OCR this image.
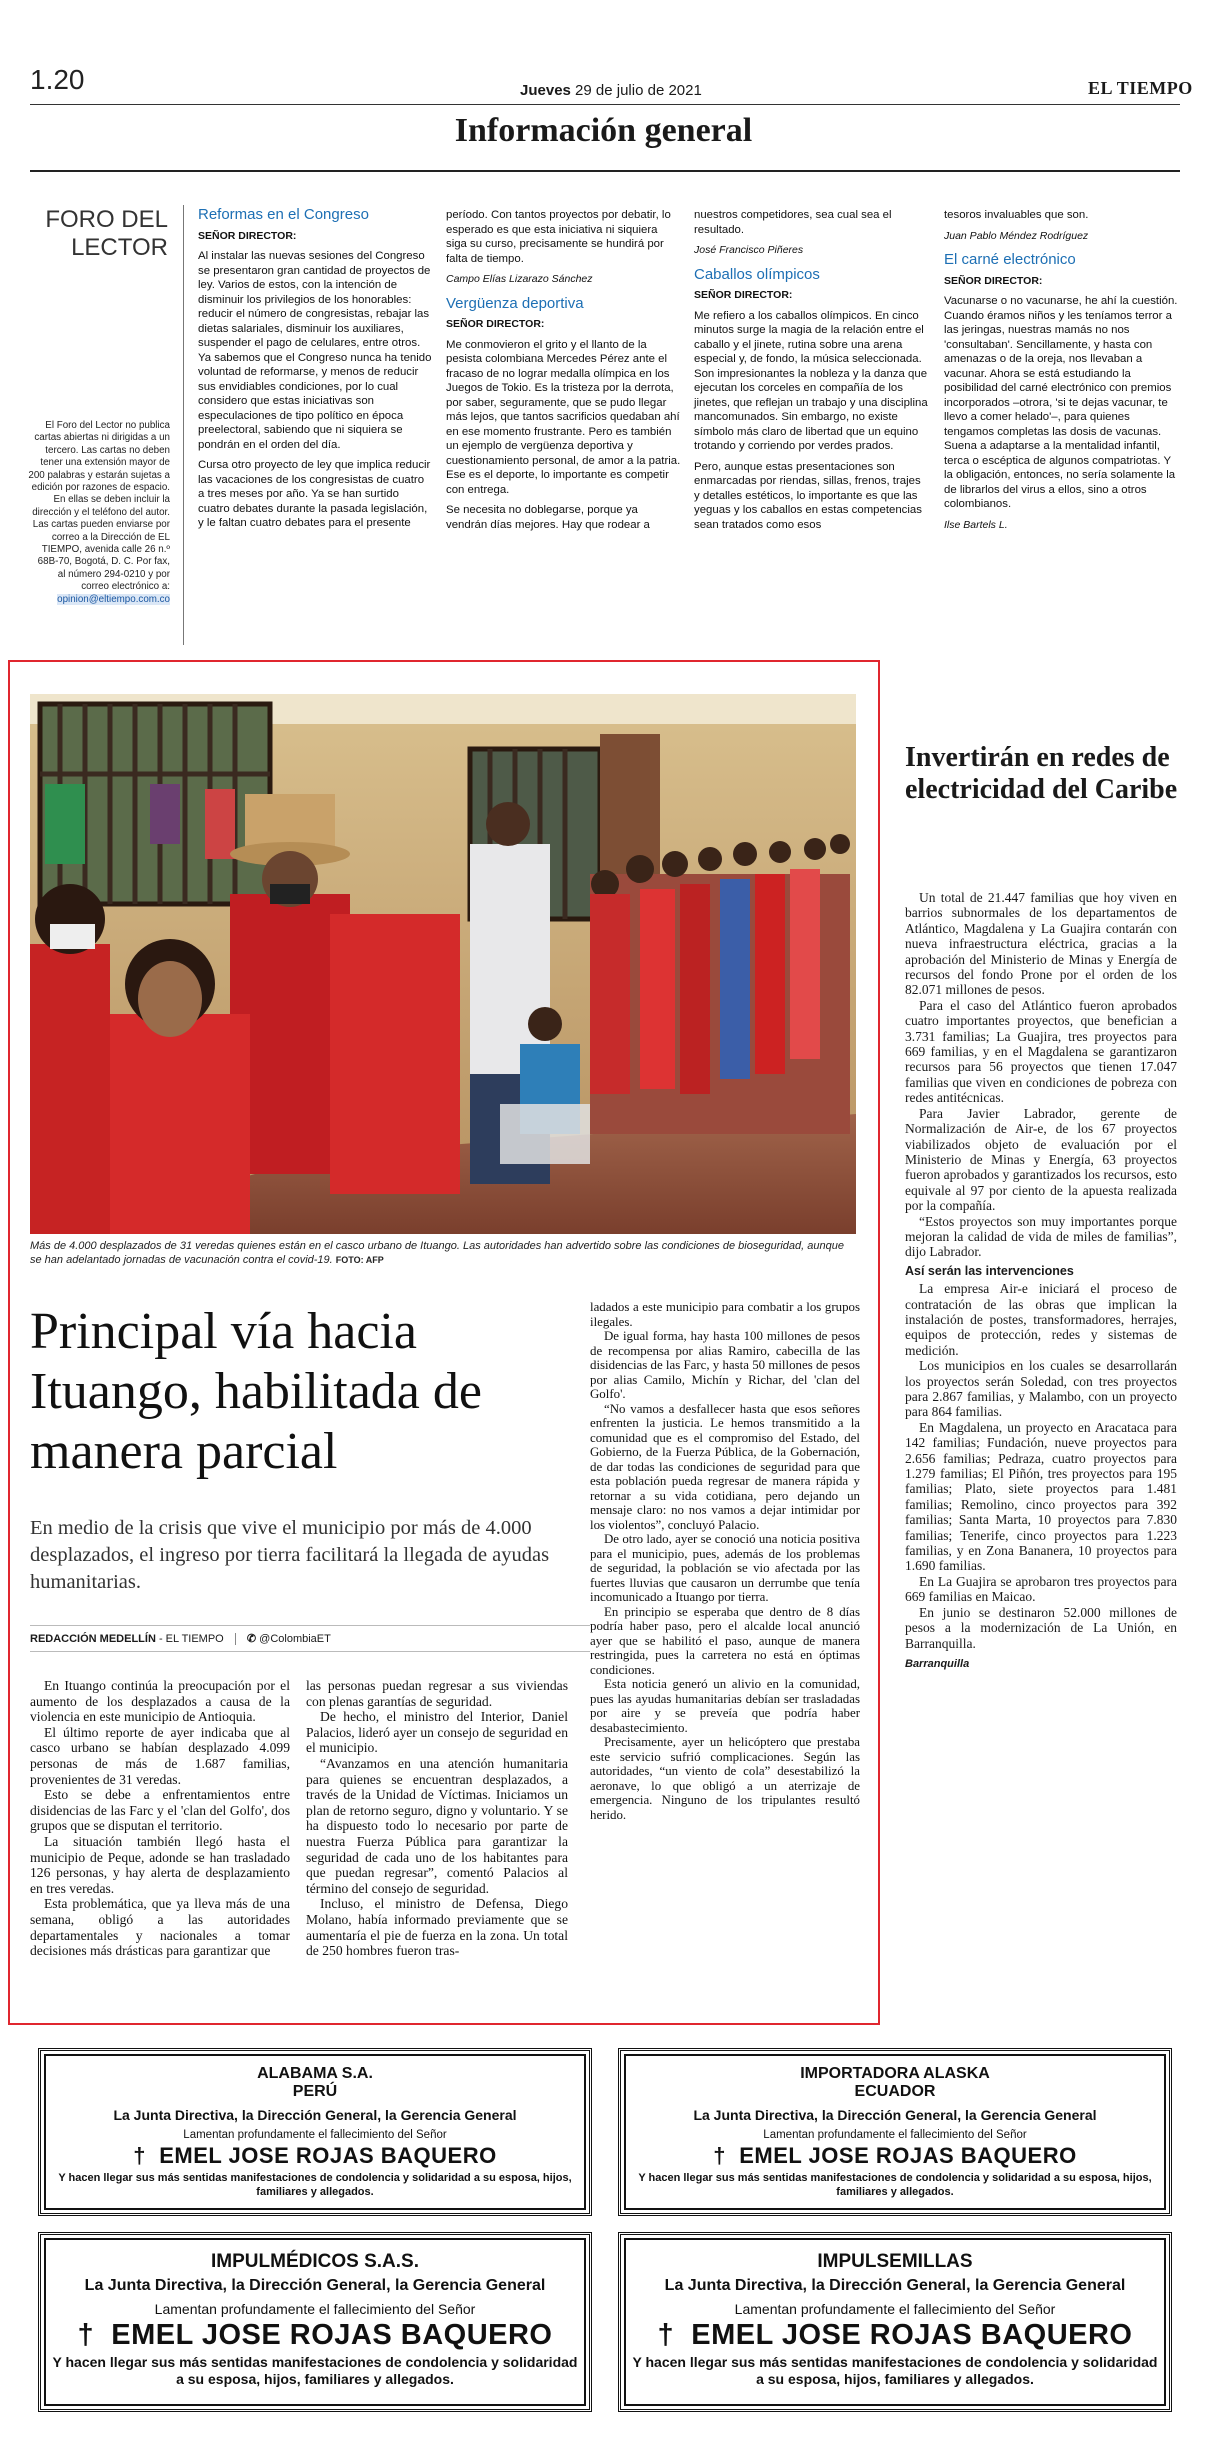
1.20	Jueves 29 de julio de 2021	EL TIEMPO
Información general
FORO DEL LECTOR
El Foro del Lector no publica cartas abiertas ni dirigidas a un tercero. Las cartas no deben tener una extensión mayor de 200 palabras y estarán sujetas a edición por razones de espacio. En ellas se deben incluir la dirección y el teléfono del autor. Las cartas pueden enviarse por correo a la Dirección de EL TIEMPO, avenida calle 26 n.º 68B-70, Bogotá, D. C. Por fax, al número 294-0210 y por correo electrónico a: opinion@eltiempo.com.co
Reformas en el Congreso
SEÑOR DIRECTOR:

Al instalar las nuevas sesiones del Congreso se presentaron gran cantidad de proyectos de ley. Varios de estos, con la intención de disminuir los privilegios de los honorables: reducir el número de congresistas, rebajar las dietas salariales, disminuir los auxiliares, suspender el pago de celulares, entre otros. Ya sabemos que el Congreso nunca ha tenido voluntad de reformarse, y menos de reducir sus envidiables condiciones, por lo cual considero que estas iniciativas son especulaciones de tipo político en época preelectoral, sabiendo que ni siquiera se pondrán en el orden del día.

Cursa otro proyecto de ley que implica reducir las vacaciones de los congresistas de cuatro a tres meses por año. Ya se han surtido cuatro debates durante la pasada legislación, y le faltan cuatro debates para el presente

período. Con tantos proyectos por debatir, lo esperado es que esta iniciativa ni siquiera siga su curso, precisamente se hundirá por falta de tiempo.

Campo Elías Lizarazo Sánchez
Vergüenza deportiva
SEÑOR DIRECTOR:

Me conmovieron el grito y el llanto de la pesista colombiana Mercedes Pérez ante el fracaso de no lograr medalla olímpica en los Juegos de Tokio. Es la tristeza por la derrota, por saber, seguramente, que se pudo llegar más lejos, que tantos sacrificios quedaban ahí en ese momento frustrante. Pero es también un ejemplo de vergüenza deportiva y cuestionamiento personal, de amor a la patria. Ese es el deporte, lo importante es competir con entrega.

Se necesita no doblegarse, porque ya vendrán días mejores. Hay que rodear a

nuestros competidores, sea cual sea el resultado.

José Francisco Piñeres
Caballos olímpicos
SEÑOR DIRECTOR:

Me refiero a los caballos olímpicos. En cinco minutos surge la magia de la relación entre el caballo y el jinete, rutina sobre una arena especial y, de fondo, la música seleccionada. Son impresionantes la nobleza y la danza que ejecutan los corceles en compañía de los jinetes, que reflejan un trabajo y una disciplina mancomunados. Sin embargo, no existe símbolo más claro de libertad que un equino trotando y corriendo por verdes prados.

Pero, aunque estas presentaciones son enmarcadas por riendas, sillas, frenos, trajes y detalles estéticos, lo importante es que las yeguas y los caballos en estas competencias sean tratados como esos

tesoros invaluables que son.

Juan Pablo Méndez Rodríguez
El carné electrónico
SEÑOR DIRECTOR:

Vacunarse o no vacunarse, he ahí la cuestión. Cuando éramos niños y les teníamos terror a las jeringas, nuestras mamás no nos 'consultaban'. Sencillamente, y hasta con amenazas o de la oreja, nos llevaban a vacunar. Ahora se está estudiando la posibilidad del carné electrónico con premios incorporados –otrora, 'si te dejas vacunar, te llevo a comer helado'–, para quienes tengamos completas las dosis de vacunas. Suena a adaptarse a la mentalidad infantil, terca o escéptica de algunos compatriotas. Y la obligación, entonces, no sería solamente la de librarlos del virus a ellos, sino a otros colombianos.

Ilse Bartels L.
Más de 4.000 desplazados de 31 veredas quienes están en el casco urbano de Ituango. Las autoridades han advertido sobre las condiciones de bioseguridad, aunque se han adelantado jornadas de vacunación contra el covid-19. FOTO: AFP
Principal vía hacia Ituango, habilitada de manera parcial
En medio de la crisis que vive el municipio por más de 4.000 desplazados, el ingreso por tierra facilitará la llegada de ayudas humanitarias.
REDACCIÓN MEDELLÍN - EL TIEMPO ✆ @ColombiaET

En Ituango continúa la preocupación por el aumento de los desplazados a causa de la violencia en este municipio de Antioquia.

El último reporte de ayer indicaba que al casco urbano se habían desplazado 4.099 personas de más de 1.687 familias, provenientes de 31 veredas.

Esto se debe a enfrentamientos entre disidencias de las Farc y el 'clan del Golfo', dos grupos que se disputan el territorio.

La situación también llegó hasta el municipio de Peque, adonde se han trasladado 126 personas, y hay alerta de desplazamiento en tres veredas.

Esta problemática, que ya lleva más de una semana, obligó a las autoridades departamentales y nacionales a tomar decisiones más drásticas para garantizar que

las personas puedan regresar a sus viviendas con plenas garantías de seguridad.

De hecho, el ministro del Interior, Daniel Palacios, lideró ayer un consejo de seguridad en el municipio.

“Avanzamos en una atención humanitaria para quienes se encuentran desplazados, a través de la Unidad de Víctimas. Iniciamos un plan de retorno seguro, digno y voluntario. Y se ha dispuesto todo lo necesario por parte de nuestra Fuerza Pública para garantizar la seguridad de cada uno de los habitantes para que puedan regresar”, comentó Palacios al término del consejo de seguridad.

Incluso, el ministro de Defensa, Diego Molano, había informado previamente que se aumentaría el pie de fuerza en la zona. Un total de 250 hombres fueron tras-

ladados a este municipio para combatir a los grupos ilegales.

De igual forma, hay hasta 100 millones de pesos de recompensa por alias Ramiro, cabecilla de las disidencias de las Farc, y hasta 50 millones de pesos por alias Camilo, Michín y Richar, del 'clan del Golfo'.

“No vamos a desfallecer hasta que esos señores enfrenten la justicia. Le hemos transmitido a la comunidad que es el compromiso del Estado, del Gobierno, de la Fuerza Pública, de la Gobernación, de dar todas las condiciones de seguridad para que esta población pueda regresar de manera rápida y retornar a su vida cotidiana, pero dejando un mensaje claro: no nos vamos a dejar intimidar por los violentos”, concluyó Palacio.

De otro lado, ayer se conoció una noticia positiva para el municipio, pues, además de los problemas de seguridad, la población se vio afectada por las fuertes lluvias que causaron un derrumbe que tenía incomunicado a Ituango por tierra.

En principio se esperaba que dentro de 8 días podría haber paso, pero el alcalde local anunció ayer que se habilitó el paso, aunque de manera restringida, pues la carretera no está en óptimas condiciones.

Esta noticia generó un alivio en la comunidad, pues las ayudas humanitarias debían ser trasladadas por aire y se preveía que podría haber desabastecimiento.

Precisamente, ayer un helicóptero que prestaba este servicio sufrió complicaciones. Según las autoridades, “un viento de cola” desestabilizó la aeronave, lo que obligó a un aterrizaje de emergencia. Ninguno de los tripulantes resultó herido.

Invertirán en redes de electricidad del Caribe

Un total de 21.447 familias que hoy viven en barrios subnormales de los departamentos de Atlántico, Magdalena y La Guajira contarán con nueva infraestructura eléctrica, gracias a la aprobación del Ministerio de Minas y Energía de recursos del fondo Prone por el orden de los 82.071 millones de pesos.

Para el caso del Atlántico fueron aprobados cuatro importantes proyectos, que benefician a 3.731 familias; La Guajira, tres proyectos para 669 familias, y en el Magdalena se garantizaron recursos para 56 proyectos que tienen 17.047 familias que viven en condiciones de pobreza con redes antitécnicas.

Para Javier Labrador, gerente de Normalización de Air-e, de los 67 proyectos viabilizados objeto de evaluación por el Ministerio de Minas y Energía, 63 proyectos fueron aprobados y garantizados los recursos, esto equivale al 97 por ciento de la apuesta realizada por la compañía.

“Estos proyectos son muy importantes porque mejoran la calidad de vida de miles de familias”, dijo Labrador.

Así serán las intervenciones

La empresa Air-e iniciará el proceso de contratación de las obras que implican la instalación de postes, transformadores, herrajes, equipos de protección, redes y sistemas de medición.

Los municipios en los cuales se desarrollarán los proyectos serán Soledad, con tres proyectos para 2.867 familias, y Malambo, con un proyecto para 864 familias.

En Magdalena, un proyecto en Aracataca para 142 familias; Fundación, nueve proyectos para 2.656 familias; Pedraza, cuatro proyectos para 1.279 familias; El Piñón, tres proyectos para 195 familias; Plato, siete proyectos para 1.481 familias; Remolino, cinco proyectos para 392 familias; Santa Marta, 10 proyectos para 7.830 familias; Tenerife, cinco proyectos para 1.223 familias, y en Zona Bananera, 10 proyectos para 1.690 familias.

En La Guajira se aprobaron tres proyectos para 669 familias en Maicao.

En junio se destinaron 52.000 millones de pesos a la modernización de La Unión, en Barranquilla.

Barranquilla

ALABAMA S.A.
PERÚ
La Junta Directiva, la Dirección General, la Gerencia General
Lamentan profundamente el fallecimiento del Señor
† EMEL JOSE ROJAS BAQUERO
Y hacen llegar sus más sentidas manifestaciones de condolencia y solidaridad a su esposa, hijos, familiares y allegados.
IMPORTADORA ALASKA
ECUADOR
La Junta Directiva, la Dirección General, la Gerencia General
Lamentan profundamente el fallecimiento del Señor
† EMEL JOSE ROJAS BAQUERO
Y hacen llegar sus más sentidas manifestaciones de condolencia y solidaridad a su esposa, hijos, familiares y allegados.
IMPULMÉDICOS S.A.S.
La Junta Directiva, la Dirección General, la Gerencia General
Lamentan profundamente el fallecimiento del Señor
† EMEL JOSE ROJAS BAQUERO
Y hacen llegar sus más sentidas manifestaciones de condolencia y solidaridad a su esposa, hijos, familiares y allegados.
IMPULSEMILLAS
La Junta Directiva, la Dirección General, la Gerencia General
Lamentan profundamente el fallecimiento del Señor
† EMEL JOSE ROJAS BAQUERO
Y hacen llegar sus más sentidas manifestaciones de condolencia y solidaridad a su esposa, hijos, familiares y allegados.
